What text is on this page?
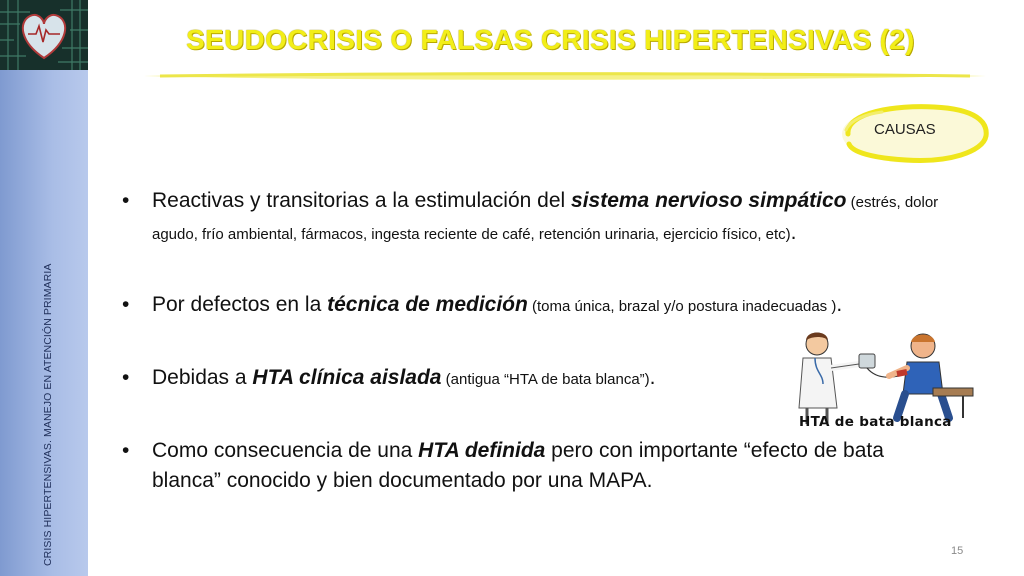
CRISIS HIPERTENSIVAS. MANEJO EN ATENCIÓN PRIMARIA
SEUDOCRISIS O FALSAS CRISIS HIPERTENSIVAS (2)
CAUSAS
• Reactivas y transitorias a la estimulación del sistema nervioso simpático (estrés, dolor
agudo, frío ambiental, fármacos, ingesta reciente de café, retención urinaria, ejercicio físico, etc).
• Por defectos en la técnica de medición (toma única, brazal y/o postura inadecuadas ).
• Debidas a HTA clínica aislada (antigua “HTA de bata blanca”).
• Como consecuencia de una HTA definida pero con importante “efecto de bata
blanca” conocido y bien documentado por una MAPA.
HTA de bata blanca
15
